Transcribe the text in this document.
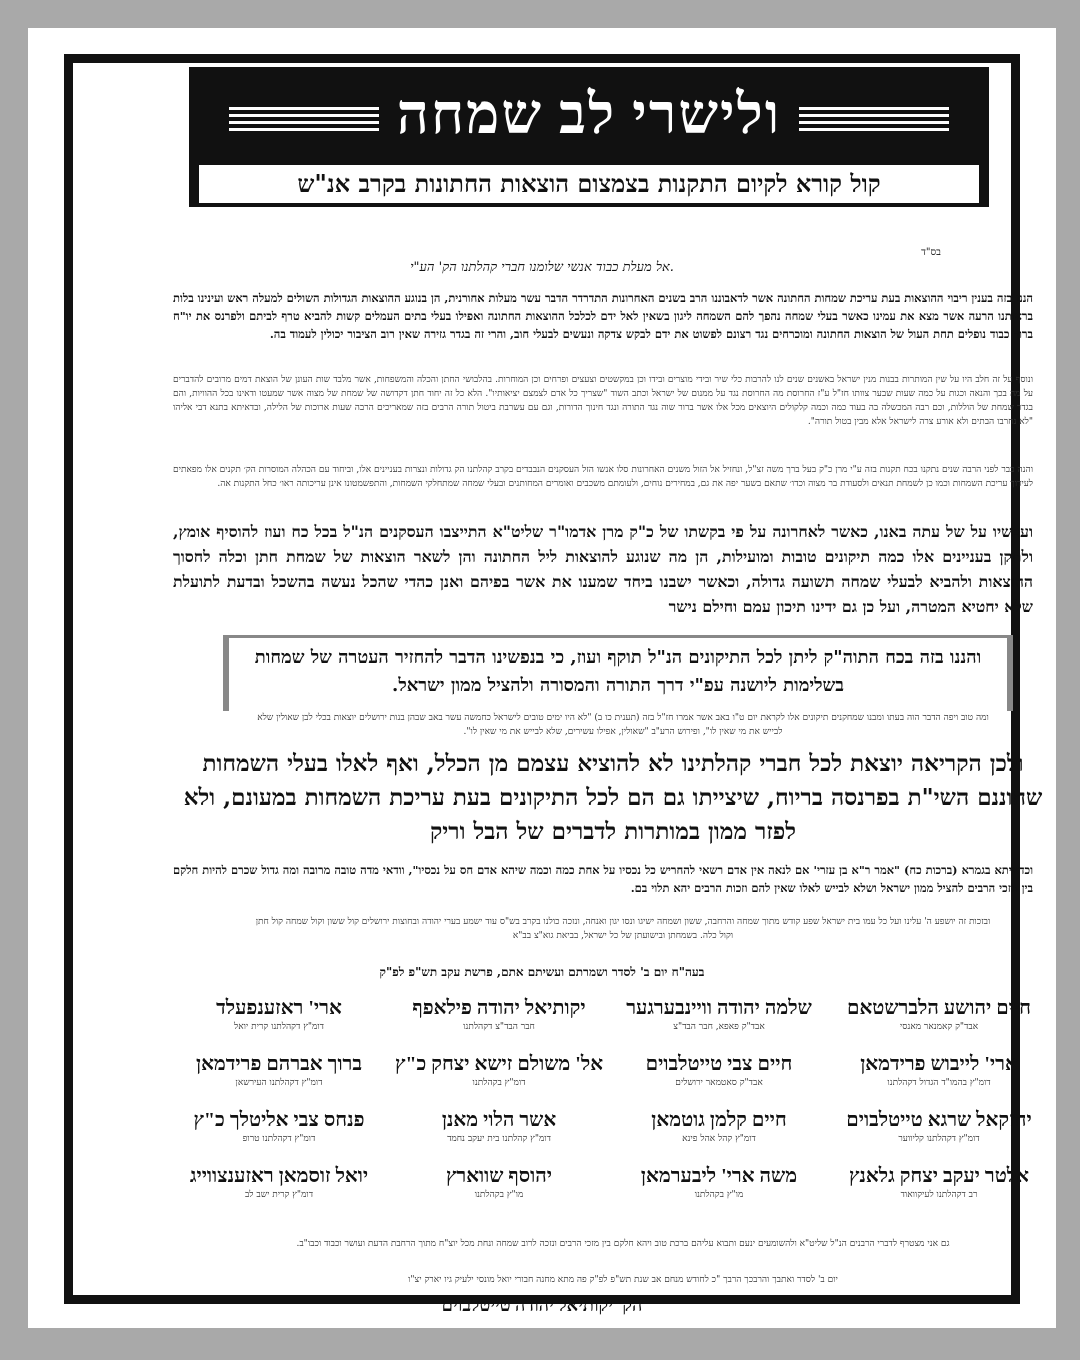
ולישרי לב שמחה
קול קורא לקיום התקנות בצמצום הוצאות החתונות בקרב אנ"ש
בס"ד
אל מעלת כבוד אנשי שלומנו חברי קהלתנו הק' הע"י.
הננו בזה בענין ריבוי ההוצאות בעת עריכת שמחות החתונה אשר לדאבוננו הרב בשנים האחרונות התדרדר הדבר עשר מעלות אחורנית, הן בנוגע ההוצאות הגדולות השולים למעלה ראש ועינינו בלות בראותנו הרעה אשר מצא את עמינו כאשר בעלי שמחה נהפך להם השמחה ליגון בשאין לאל ידם לכלכל ההוצאות החתונה ואפילו בעלי בתים העמלים קשות להביא טרף לביתם ולפרנס את יו"ח ברוך כבוד נופלים תחת העול של הוצאות החתונה ומוכרחים נגד רצונם לפשוט את ידם לבקש צדקה ונעשים לבעלי חוב, והרי זה בגדר גזירה שאין רוב הציבור יכולין לעמוד בה.
ונוסף על זה חלב היו על שין המותרות בבנות מנין ישראל באשנים שנים לנו להרבות כלי שיר ובידי מוצרים ובידו וכן במקשטים וצעצים ופרחים וכן המוחרות. בהלבושי החתן והכלה והמשפחות, אשר מלבד שות העונן של הוצאת דמים מרובים להדברים על מה בכך והנאה וכגות על כמה שעות שבער צוותו חז"ל ע"ז החרוסת מה החרוסת נגד על ממנום של ישראל וכתב השוד "שצריך כל אדם לצמצם יציאותיו". הלא כל זה יחוד חתן דקדושה של שמחת של מצוה אשר שמעטו ודאינו בכל ההוויות, והם בגדר שמחת של הוללות, וכם רבה המכשלה בה בעוד כמה וכמה קלקולים היוצאים מכל אלו אשר ברור שוה נגד התורה ונגד חינוך הדורות, וגם עם עשרבת ביטול תורה הרבים בזה שמאריכים הרבה שעות ארוכות של הלילה, ובדאיתא בתנא דבי אליהו "לא נחרבו הבתים ולא אורע צרה לישראל אלא מבין בטול תורה".
והנה כבר לפני הרבה שנים נתקנו בכח תקנות בזה ע"י מרן כ"ק בעל ברך משה זצ"ל, ונחזיל אל הזול משנים האחרונות סלו אנשו הזל העסקנים הנבבדים בקרב קהלתנו הק גדולות ונצרות בעניינים אלו, וביחוד עם הכהלה המוסרות הק׳ תקנים אלו מפאתים לעידוך עריכת השמחות וכמו כן לשמחת תנאים ולסעודת בר מצוה וכדו׳ שתאם בשער יפה את גם, במחירים נוחים, ולעומתם משכבים ואומרים המחותנים ובעלי שמחה שמתחלקי השמחות, והתפשמטונו אינן עריכותה ראו׳ כחל התקנות אה.
ועכשיו על של עתה באנו, כאשר לאחרונה על פי בקשתו של כ"ק מרן אדמו"ר שליט"א התייצבו העסקנים הנ"ל בכל כח ועוז להוסיף אומץ, ולתקן בעניינים אלו כמה תיקונים טובות ומועילות, הן מה שנוגע להוצאות ליל החתונה והן לשאר הוצאות של שמחת חתן וכלה לחסוך ההוצאות ולהביא לבעלי שמחה תשועה גדולה, וכאשר ישבנו ביחד שמענו את אשר בפיהם ואנן כהדי שהכל נעשה בהשכל ובדעת לתועלת שלא יחטיא המטרה, ועל כן גם ידינו תיכון עמם וחילם נישר
והננו בזה בכח התוה"ק ליתן לכל התיקונים הנ"ל תוקף ועוז, כי בנפשינו הדבר להחזיר העטרה של שמחות בשלימות ליושנה עפ"י דרך התורה והמסורה ולהציל ממון ישראל.
ומה טוב ויפה הדבר הוה בעתו ומבנו שמחקנים תיקונים אלו לקראת יום ט"ו באב אשר אמרו חז"ל בזה (תענית כו ב) "לא היו ימים טובים לישראל כחמשה עשר באב שבהן בנות ירושלים יוצאות בכלי לבן שאולין שלא לבייש את מי שאין לו", ופירוש הרע"ב "שאולין, אפילו עשירים, שלא לבייש את מי שאין לו".
ולכן הקריאה יוצאת לכל חברי קהלתינו לא להוציא עצמם מן הכלל, ואף לאלו בעלי השמחות שחוננם השי"ת בפרנסה בריוח, שיצייתו גם הם לכל התיקונים בעת עריכת השמחות במעונם, ולא לפזר ממון במותרות לדברים של הבל וריק
וכדאיתא בגמרא (ברכות כח) "אמר ר"א בן עזרי' אם לנאה אין אדם רשאי להחריש כל נכסיו על אחת כמה וכמה שיהא אדם חס על נכסיו", וודאי מדה טובה מרובה ומה גדול שכרם להיות חלקם בין מזכי הרבים להציל ממון ישראל ושלא לבייש לאלו שאין להם וזכות הרבים יהא תלוי בם.
ובזכות זה יושפע ה' עלינו ועל כל עמו בית ישראל שפע קודש מתוך שמחה והרחבה, ששון ושמחה ישיגו ונסו יגון ואנחה, ונזכה כולנו בקרב בש"ס עוד ישמע בערי יהודה ובחוצות ירושלים קול ששון וקול שמחה קול חתן וקול כלה. בשמחתן ובישועתן של כל ישראל, בביאת גוא"צ בב"א
בעה"ח יום ב' לסדר ושמרתם ועשיתם אתם, פרשת עקב תש"פ לפ"ק
חיים יהושע הלברשטאם
אבד"ק קאמנאר מאנסי
שלמה יהודה וויינבערגער
אבד"ק פאפא, חבר הבד"צ
יקותיאל יהודה פילאפף
חבר הבד"צ דקהלתנו
ארי' ראזענפעלד
דומ"ץ דקהלתנו קרית יואל
ארי' לייבוש פרידמאן
דומ"ץ בהמו"ד הגדול דקהלתנו
חיים צבי טייטלבוים
אבד"ק סאטמאר ירושלים
אל' משולם זישא יצחק כ"ץ
דומ"ץ בקהלתנו
ברוך אברהם פרידמאן
דומ"ץ דקהלתנו העירשאן
יחזקאל שרגא טייטלבוים
דומ"ץ דקהלתנו קליווער
חיים קלמן גוטמאן
דומ"ץ קהל אהל פינא
אשר הלוי מאנן
דומ"ץ קהלתנו בית יעקב נחמד
פנחס צבי אליטלך כ"ץ
דומ"ץ דקהלתנו טרופ
אלטר יעקב יצחק גלאנץ
רב דקהלתנו לעיקוואוד
משה ארי' ליבערמאן
מו"ץ בקהלתנו
יהוסף שווארץ
מו"ץ בקהלתנו
יואל זוסמאן ראזענצווייג
דומ"ץ קרית ישב לב
גם אני מצטרף לדברי הרבנים הנ"ל שליט"א ולהשומעים ינעם ותבוא עליהם ברכת טוב ויהא חלקם בין מזכי הרבים ונזכה לרוב שמחה ונחת מכל יוצ"ח מתוך הרחבת הדעת ועושר וכבוד וכבו"ב.
יום ב' לסדר ואתבך והרבכך הרבך "כ לחודש מנחם אב שנת תש"פ לפ"ק פה מתא מחנה חבורי יואל מונסי ילעיק גיו יארק יצ"ו
הק' יקותיאל יהודה טייטלבוים
